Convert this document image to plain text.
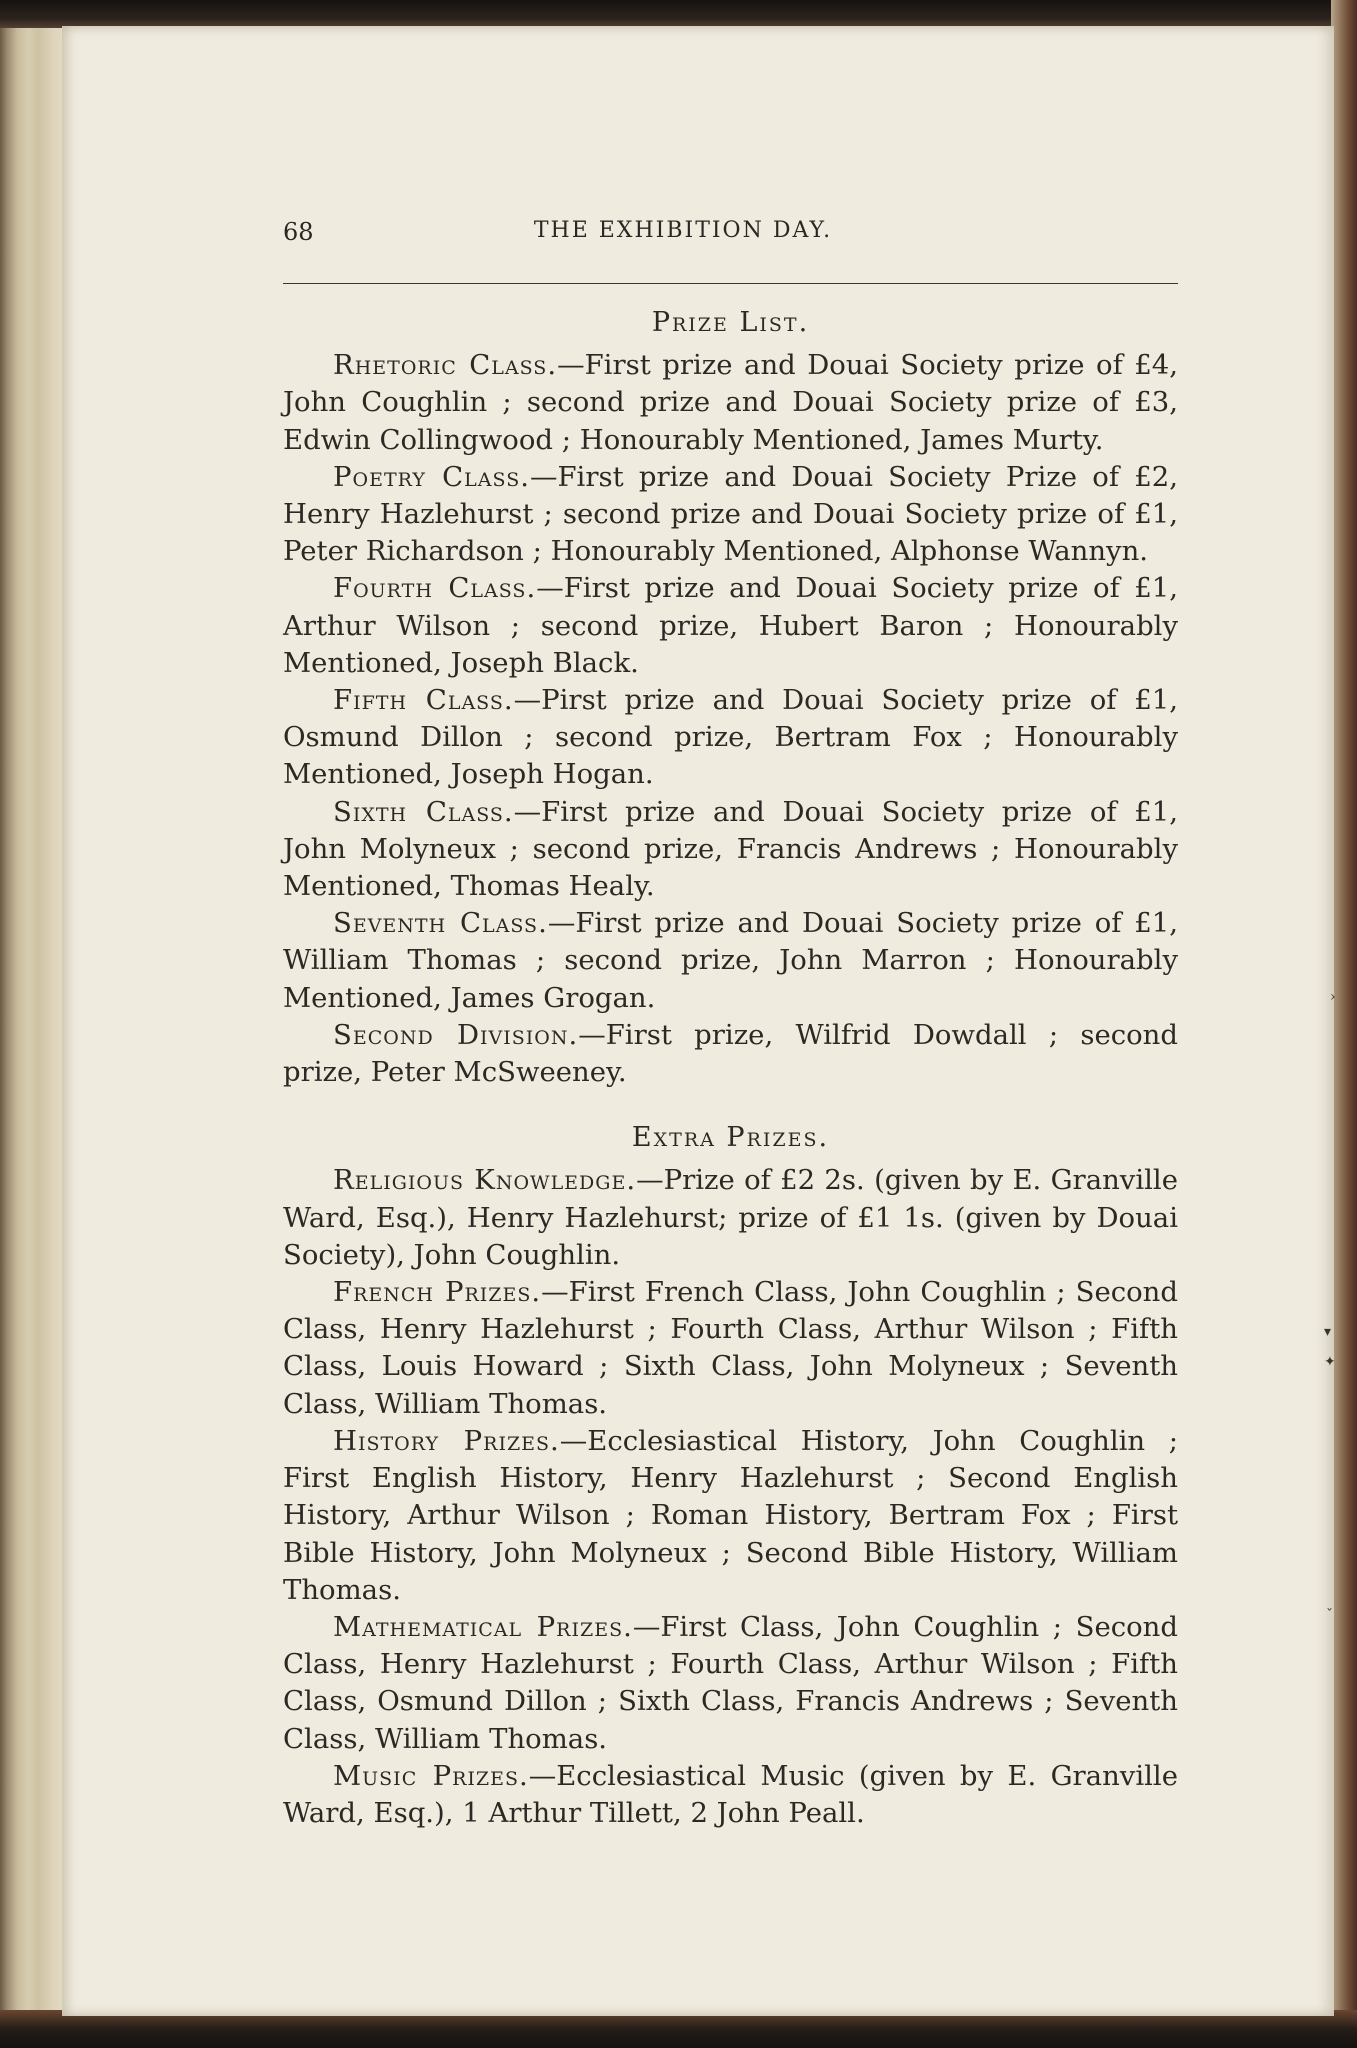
68	THE EXHIBITION DAY.
Prize List.

Rhetoric Class.—First prize and Douai Society prize of £4, John Coughlin ; second prize and Douai Society prize of £3, Edwin Collingwood ; Honourably Mentioned, James Murty.

Poetry Class.—First prize and Douai Society Prize of £2, Henry Hazlehurst ; second prize and Douai Society prize of £1, Peter Richardson ; Honourably Mentioned, Alphonse Wannyn.

Fourth Class.—First prize and Douai Society prize of £1, Arthur Wilson ; second prize, Hubert Baron ; Honourably Mentioned, Joseph Black.

Fifth Class.—Pirst prize and Douai Society prize of £1, Osmund Dillon ; second prize, Bertram Fox ; Honourably Mentioned, Joseph Hogan.

Sixth Class.—First prize and Douai Society prize of £1, John Molyneux ; second prize, Francis Andrews ; Honourably Mentioned, Thomas Healy.

Seventh Class.—First prize and Douai Society prize of £1, William Thomas ; second prize, John Marron ; Honourably Mentioned, James Grogan.

Second Division.—First prize, Wilfrid Dowdall ; second prize, Peter McSweeney.

Extra Prizes.

Religious Knowledge.—Prize of £2 2s. (given by E. Granville Ward, Esq.), Henry Hazlehurst; prize of £1 1s. (given by Douai Society), John Coughlin.

French Prizes.—First French Class, John Coughlin ; Second Class, Henry Hazlehurst ; Fourth Class, Arthur Wilson ; Fifth Class, Louis Howard ; Sixth Class, John Molyneux ; Seventh Class, William Thomas.

History Prizes.—Ecclesiastical History, John Coughlin ; First English History, Henry Hazlehurst ; Second English History, Arthur Wilson ; Roman History, Bertram Fox ; First Bible History, John Molyneux ; Second Bible History, William Thomas.

Mathematical Prizes.—First Class, John Coughlin ; Second Class, Henry Hazlehurst ; Fourth Class, Arthur Wilson ; Fifth Class, Osmund Dillon ; Sixth Class, Francis Andrews ; Seventh Class, William Thomas.

Music Prizes.—Ecclesiastical Music (given by E. Granville Ward, Esq.), 1 Arthur Tillett, 2 John Peall.

›
▾
✦
ˇ
